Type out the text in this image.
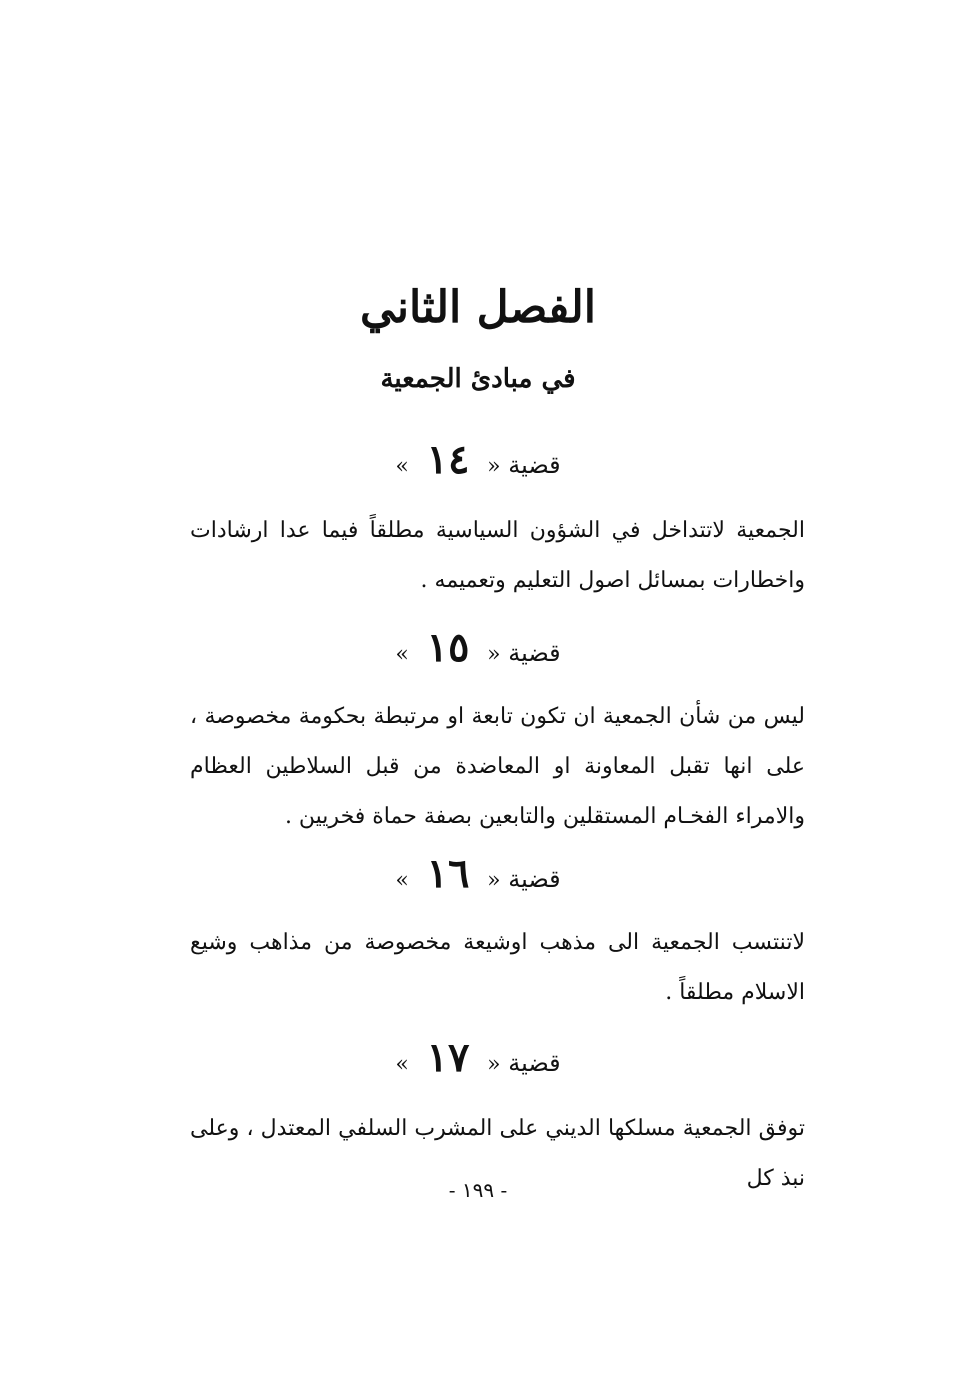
الفصل الثاني
في مبادئ الجمعية
قضية « ١٤ »
الجمعية لاتتداخل في الشؤون السياسية مطلقاً فيما عدا ارشادات واخطارات بمسائل اصول التعليم وتعميمه .
قضية « ١٥ »
ليس من شأن الجمعية ان تكون تابعة او مرتبطة بحكومة مخصوصة ، على انها تقبل المعاونة او المعاضدة من قبل السلاطين العظام والامراء الفخـام المستقلين والتابعين بصفة حماة فخريين .
قضية « ١٦ »
لاتنتسب الجمعية الى مذهب اوشيعة مخصوصة من مذاهب وشيع الاسلام مطلقاً .
قضية « ١٧ »
توفق الجمعية مسلكها الديني على المشرب السلفي المعتدل ، وعلى نبذ كل
- ١٩٩ -
